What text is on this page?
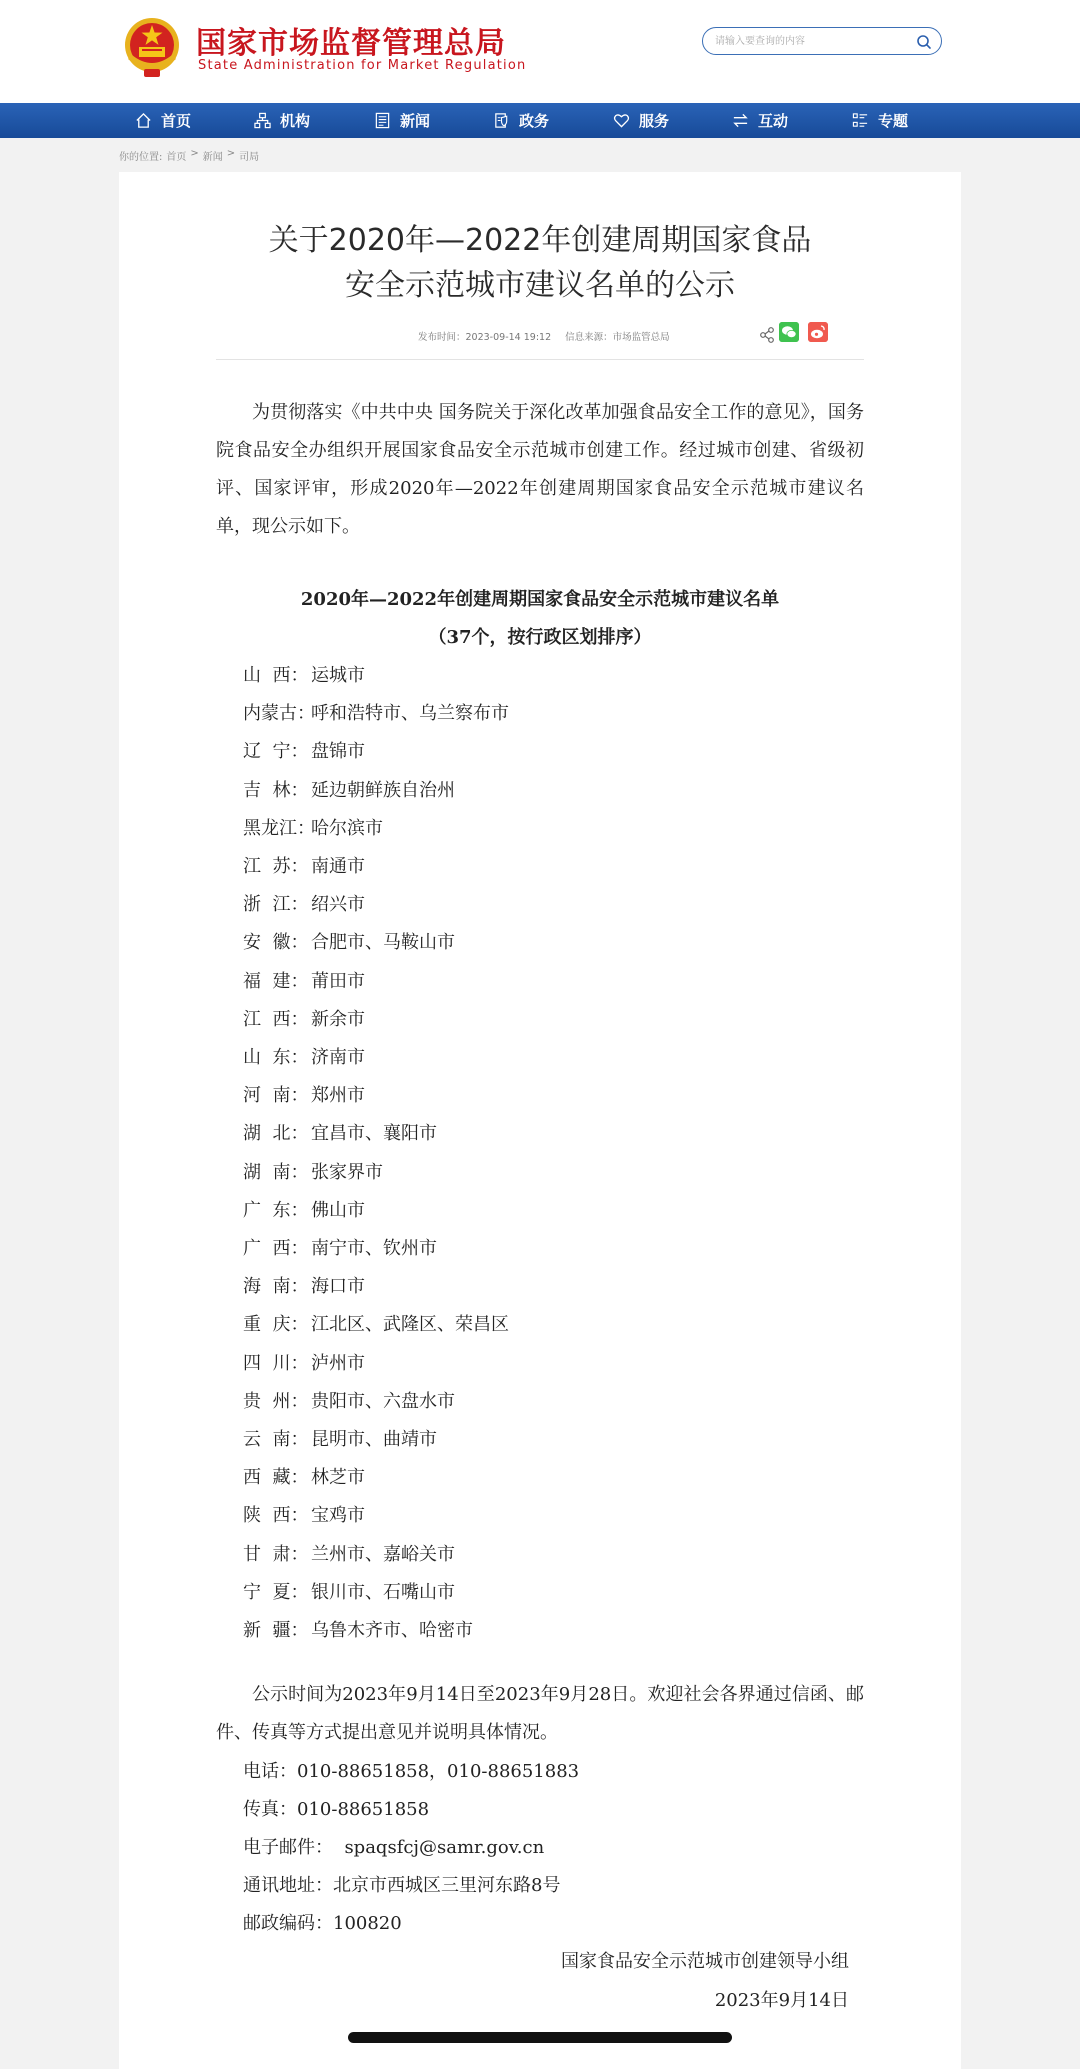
国家市场监督管理总局
State Administration for Market Regulation
请输入要查询的内容
首页	机构	新闻	政务	服务	互动	专题
你的位置: 首页 > 新闻 > 司局
关于2020年—2022年创建周期国家食品
安全示范城市建议名单的公示
发布时间：2023-09-14 19:12 信息来源：市场监管总局

为贯彻落实《中共中央 国务院关于深化改革加强食品安全工作的意见》，国务院食品安全办组织开展国家食品安全示范城市创建工作。经过城市创建、省级初评、国家评审，形成2020年—2022年创建周期国家食品安全示范城市建议名单，现公示如下。

2020年—2022年创建周期国家食品安全示范城市建议名单
（37个，按行政区划排序）
山  西： 运城市
内蒙古：
呼和浩特市、乌兰察布市
辽  宁： 盘锦市
吉  林： 延边朝鲜族自治州
黑龙江：
哈尔滨市
江  苏： 南通市
浙  江： 绍兴市
安  徽： 合肥市、马鞍山市
福  建： 莆田市
江  西： 新余市
山  东： 济南市
河  南： 郑州市
湖  北： 宜昌市、襄阳市
湖  南： 张家界市
广  东： 佛山市
广  西： 南宁市、钦州市
海  南： 海口市
重  庆： 江北区、武隆区、荣昌区
四  川： 泸州市
贵  州： 贵阳市、六盘水市
云  南： 昆明市、曲靖市
西  藏： 林芝市
陕  西： 宝鸡市
甘  肃： 兰州市、嘉峪关市
宁  夏： 银川市、石嘴山市
新  疆： 乌鲁木齐市、哈密市

公示时间为2023年9月14日至2023年9月28日。欢迎社会各界通过信函、邮件、传真等方式提出意见并说明具体情况。

电话：010-88651858，010-88651883
传真：010-88651858
电子邮件：  spaqsfcj@samr.gov.cn
通讯地址：北京市西城区三里河东路8号
邮政编码：100820
国家食品安全示范城市创建领导小组
2023年9月14日
